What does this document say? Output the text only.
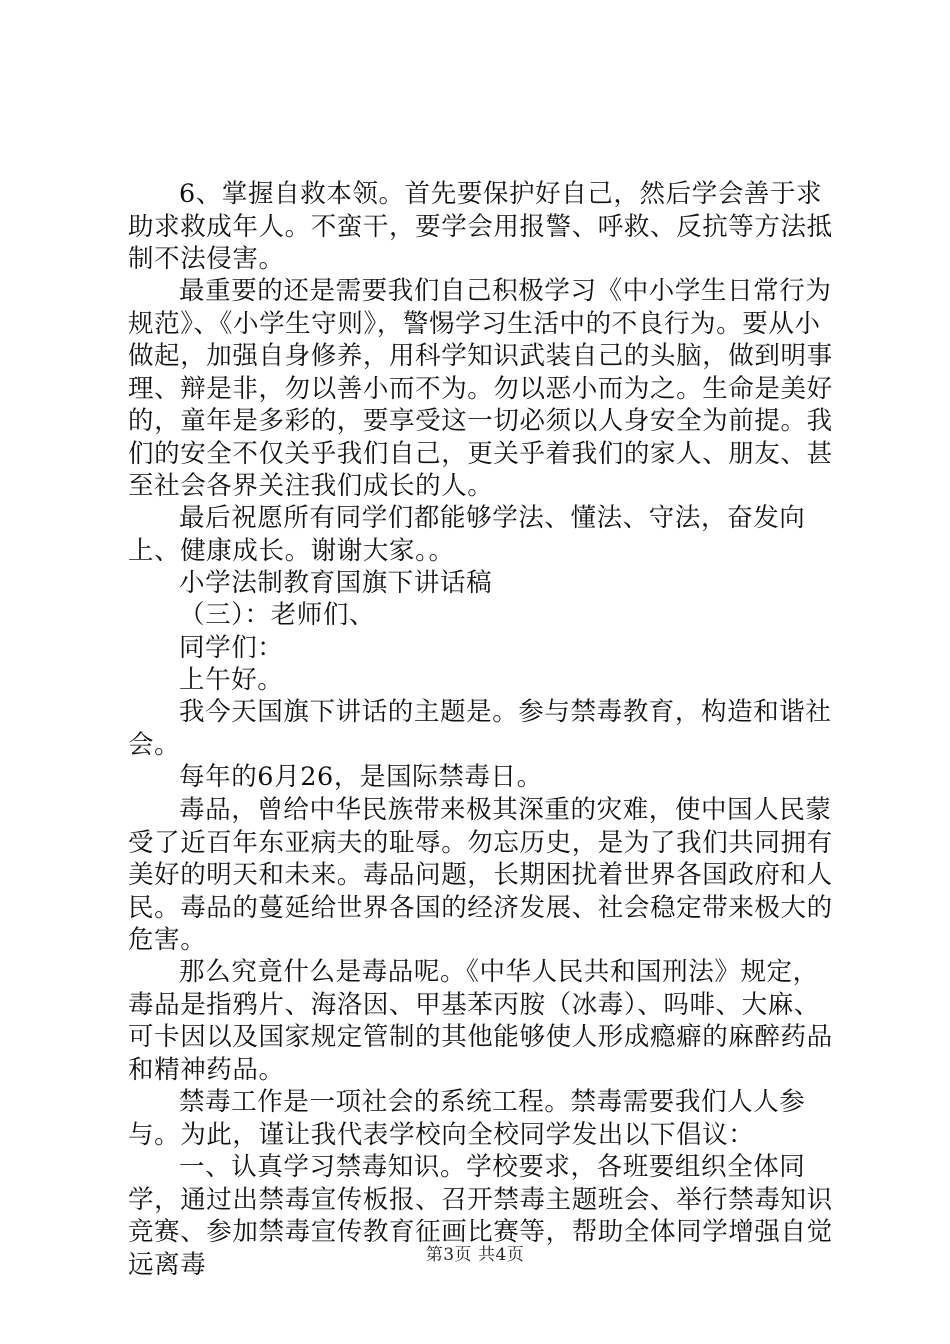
6、掌握自救本领。首先要保护好自己，然后学会善于求助求救成年人。不蛮干，要学会用报警、呼救、反抗等方法抵制不法侵害。

最重要的还是需要我们自己积极学习《中小学生日常行为规范》、《小学生守则》，警惕学习生活中的不良行为。要从小做起，加强自身修养，用科学知识武装自己的头脑，做到明事理、辩是非，勿以善小而不为。勿以恶小而为之。生命是美好的，童年是多彩的，要享受这一切必须以人身安全为前提。我们的安全不仅关乎我们自己，更关乎着我们的家人、朋友、甚至社会各界关注我们成长的人。

最后祝愿所有同学们都能够学法、懂法、守法，奋发向上、健康成长。谢谢大家。。

小学法制教育国旗下讲话稿

（三）：老师们、

同学们：

上午好。

我今天国旗下讲话的主题是。参与禁毒教育，构造和谐社会。

每年的6月26，是国际禁毒日。

毒品，曾给中华民族带来极其深重的灾难，使中国人民蒙受了近百年东亚病夫的耻辱。勿忘历史，是为了我们共同拥有美好的明天和未来。毒品问题，长期困扰着世界各国政府和人民。毒品的蔓延给世界各国的经济发展、社会稳定带来极大的危害。

那么究竟什么是毒品呢。《中华人民共和国刑法》规定，毒品是指鸦片、海洛因、甲基苯丙胺（冰毒）、吗啡、大麻、可卡因以及国家规定管制的其他能够使人形成瘾癖的麻醉药品和精神药品。

禁毒工作是一项社会的系统工程。禁毒需要我们人人参与。为此，谨让我代表学校向全校同学发出以下倡议：

一、认真学习禁毒知识。学校要求，各班要组织全体同学，通过出禁毒宣传板报、召开禁毒主题班会、举行禁毒知识竞赛、参加禁毒宣传教育征画比赛等，帮助全体同学增强自觉远离毒	第3页 共4页
